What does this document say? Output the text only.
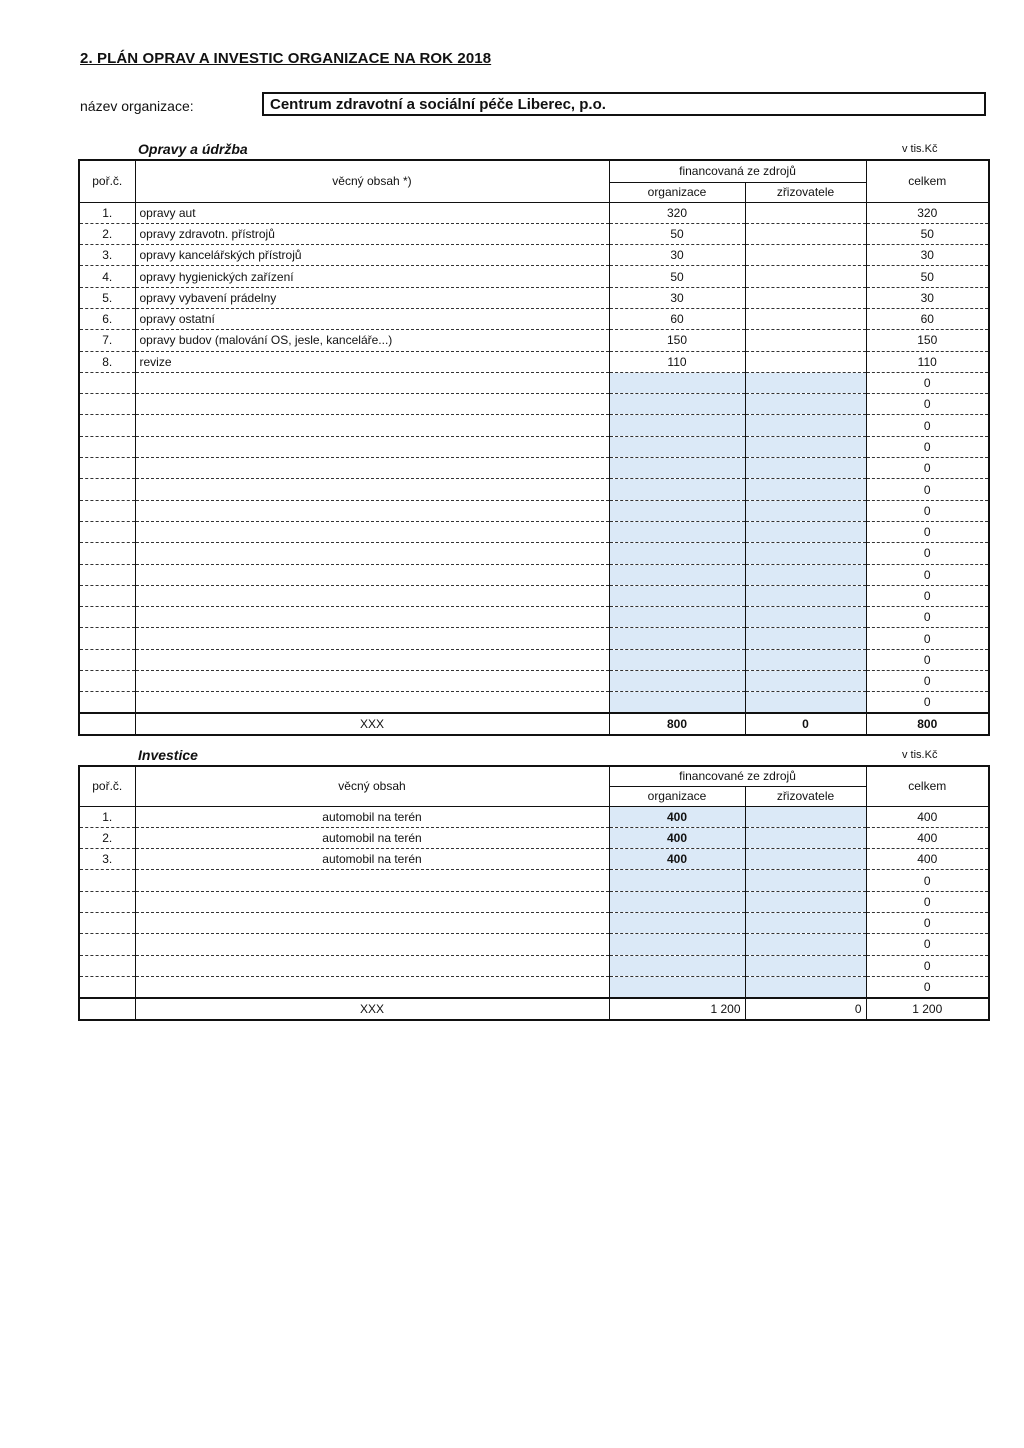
2. PLÁN OPRAV A INVESTIC ORGANIZACE NA ROK 2018
název organizace:	Centrum zdravotní a sociální péče Liberec, p.o.
Opravy a údržba	v tis.Kč
poř.č.	věcný obsah *)	financovaná ze zdrojů		celkem
		organizace	zřizovatele	
1.	opravy aut	320		320
2.	opravy zdravotn. přístrojů	50		50
3.	opravy kancelářských přístrojů	30		30
4.	opravy hygienických zařízení	50		50
5.	opravy vybavení prádelny	30		30
6.	opravy ostatní	60		60
7.	opravy budov (malování OS, jesle, kanceláře...)	150		150
8.	revize	110		110
				0
				0
				0
				0
				0
				0
				0
				0
				0
				0
				0
				0
				0
				0
				0
				0
	XXX	800	0	800
Investice	v tis.Kč
poř.č.	věcný obsah	financované ze zdrojů		celkem
		organizace	zřizovatele	
1.	automobil na terén	400		400
2.	automobil na terén	400		400
3.	automobil na terén	400		400
				0
				0
				0
				0
				0
				0
	XXX	1 200	0	1 200
